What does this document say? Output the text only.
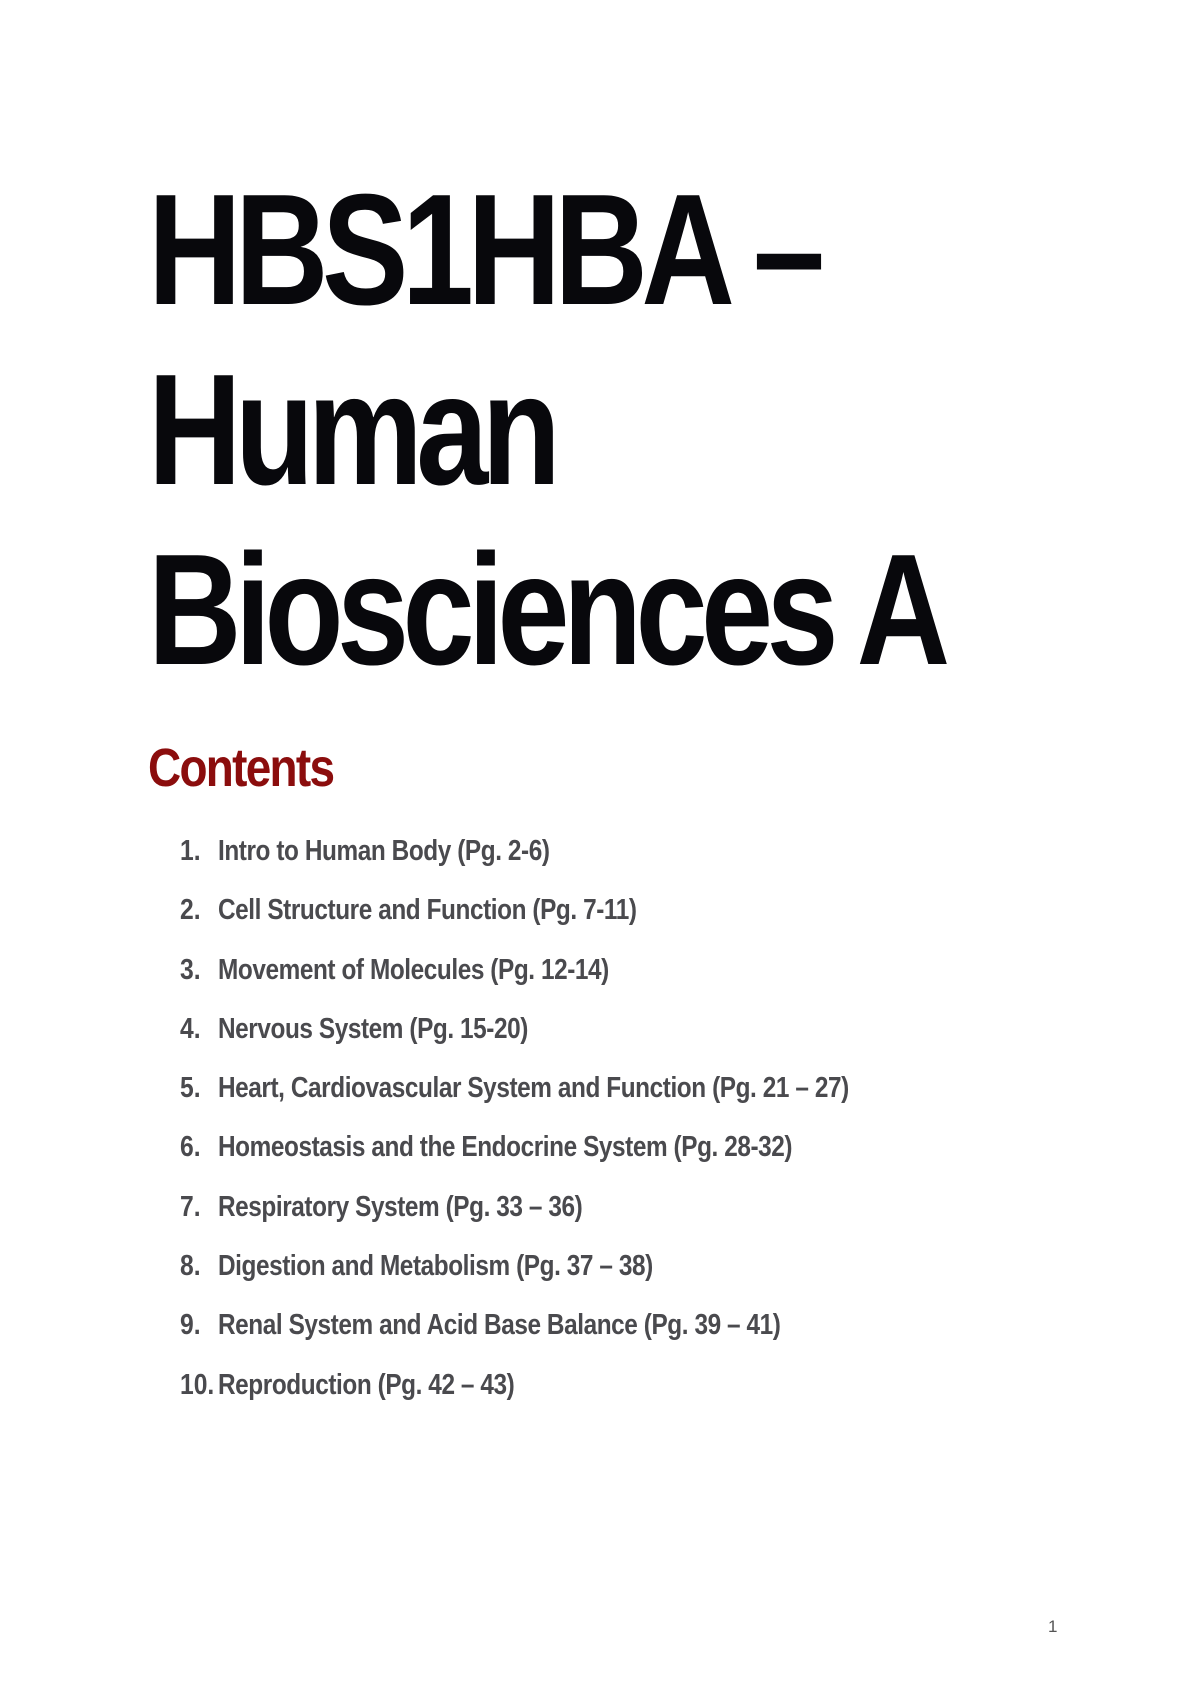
HBS1HBA –
Human
Biosciences A
Contents
1. Intro to Human Body (Pg. 2-6)
2. Cell Structure and Function (Pg. 7-11)
3. Movement of Molecules (Pg. 12-14)
4. Nervous System (Pg. 15-20)
5. Heart, Cardiovascular System and Function (Pg. 21 – 27)
6. Homeostasis and the Endocrine System (Pg. 28-32)
7. Respiratory System (Pg. 33 – 36)
8. Digestion and Metabolism (Pg. 37 – 38)
9. Renal System and Acid Base Balance (Pg. 39 – 41)
10. Reproduction (Pg. 42 – 43)
1
